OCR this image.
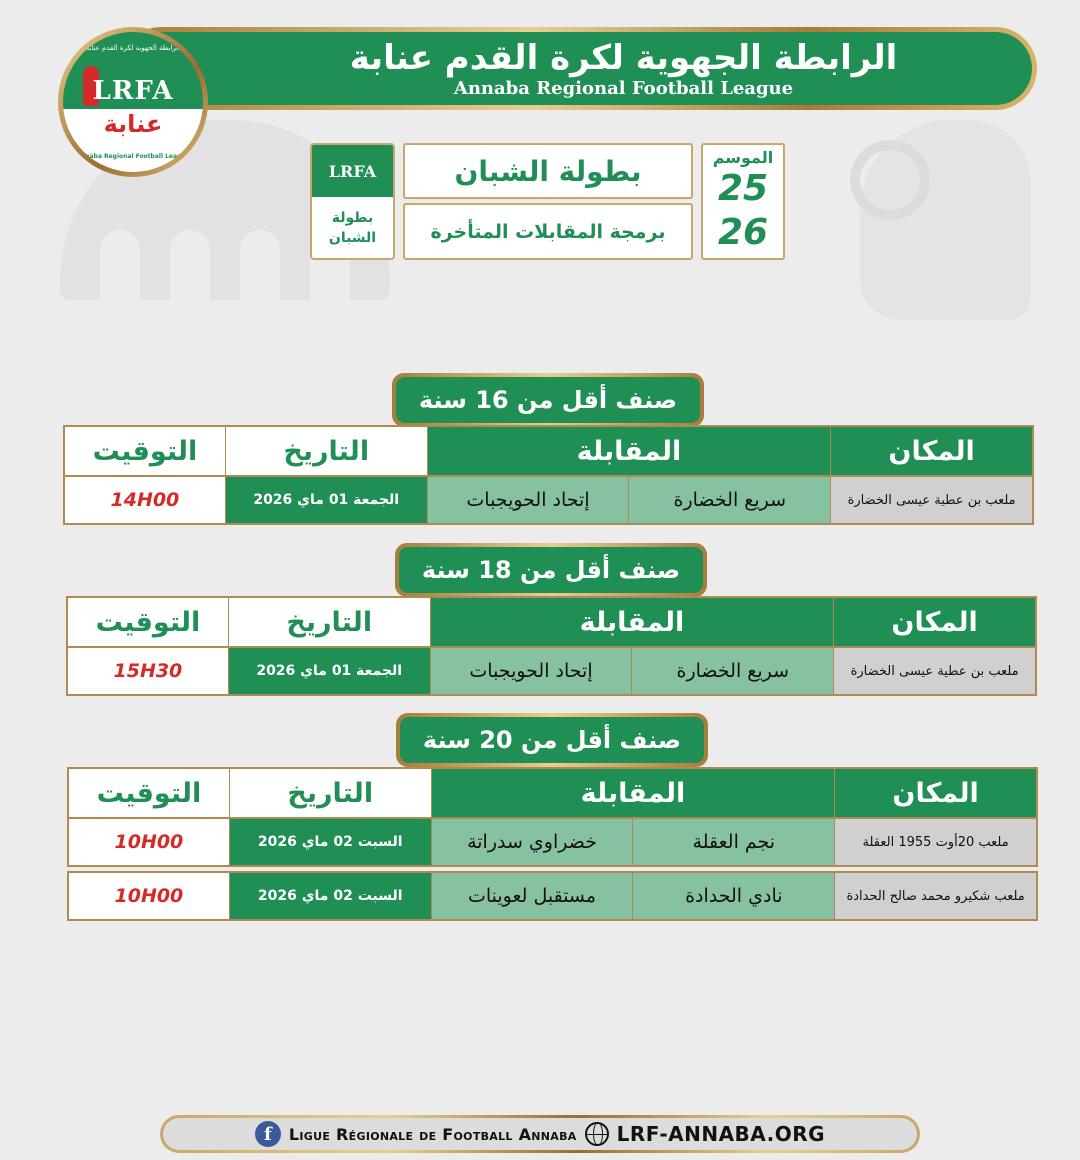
الرابطة الجهوية لكرة القدم عنابة
Annaba Regional Football League
الرابطة الجهوية لكرة القدم عنابة
LRFA
عنابة
Annaba Regional Football League
LRFA
بطولة الشبان
بطولة الشبان
برمجة المقابلات المتأخرة
الموسم
25
26
صنف أقل من 16 سنة
المكان
المقابلة
التاريخ
التوقيت
ملعب بن عطية عيسى الخضارة
سريع الخضارة
إتحاد الحويجبات
الجمعة 01 ماي 2026
14H00
صنف أقل من 18 سنة
المكان
المقابلة
التاريخ
التوقيت
ملعب بن عطية عيسى الخضارة
سريع الخضارة
إتحاد الحويجبات
الجمعة 01 ماي 2026
15H30
صنف أقل من 20 سنة
المكان
المقابلة
التاريخ
التوقيت
ملعب 20أوت 1955 العقلة
نجم العقلة
خضراوي سدراتة
السبت 02 ماي 2026
10H00
ملعب شكيرو محمد صالح الحدادة
نادي الحدادة
مستقبل لعوينات
السبت 02 ماي 2026
10H00
f	Ligue Régionale de Football Annaba LRF-ANNABA.ORG
